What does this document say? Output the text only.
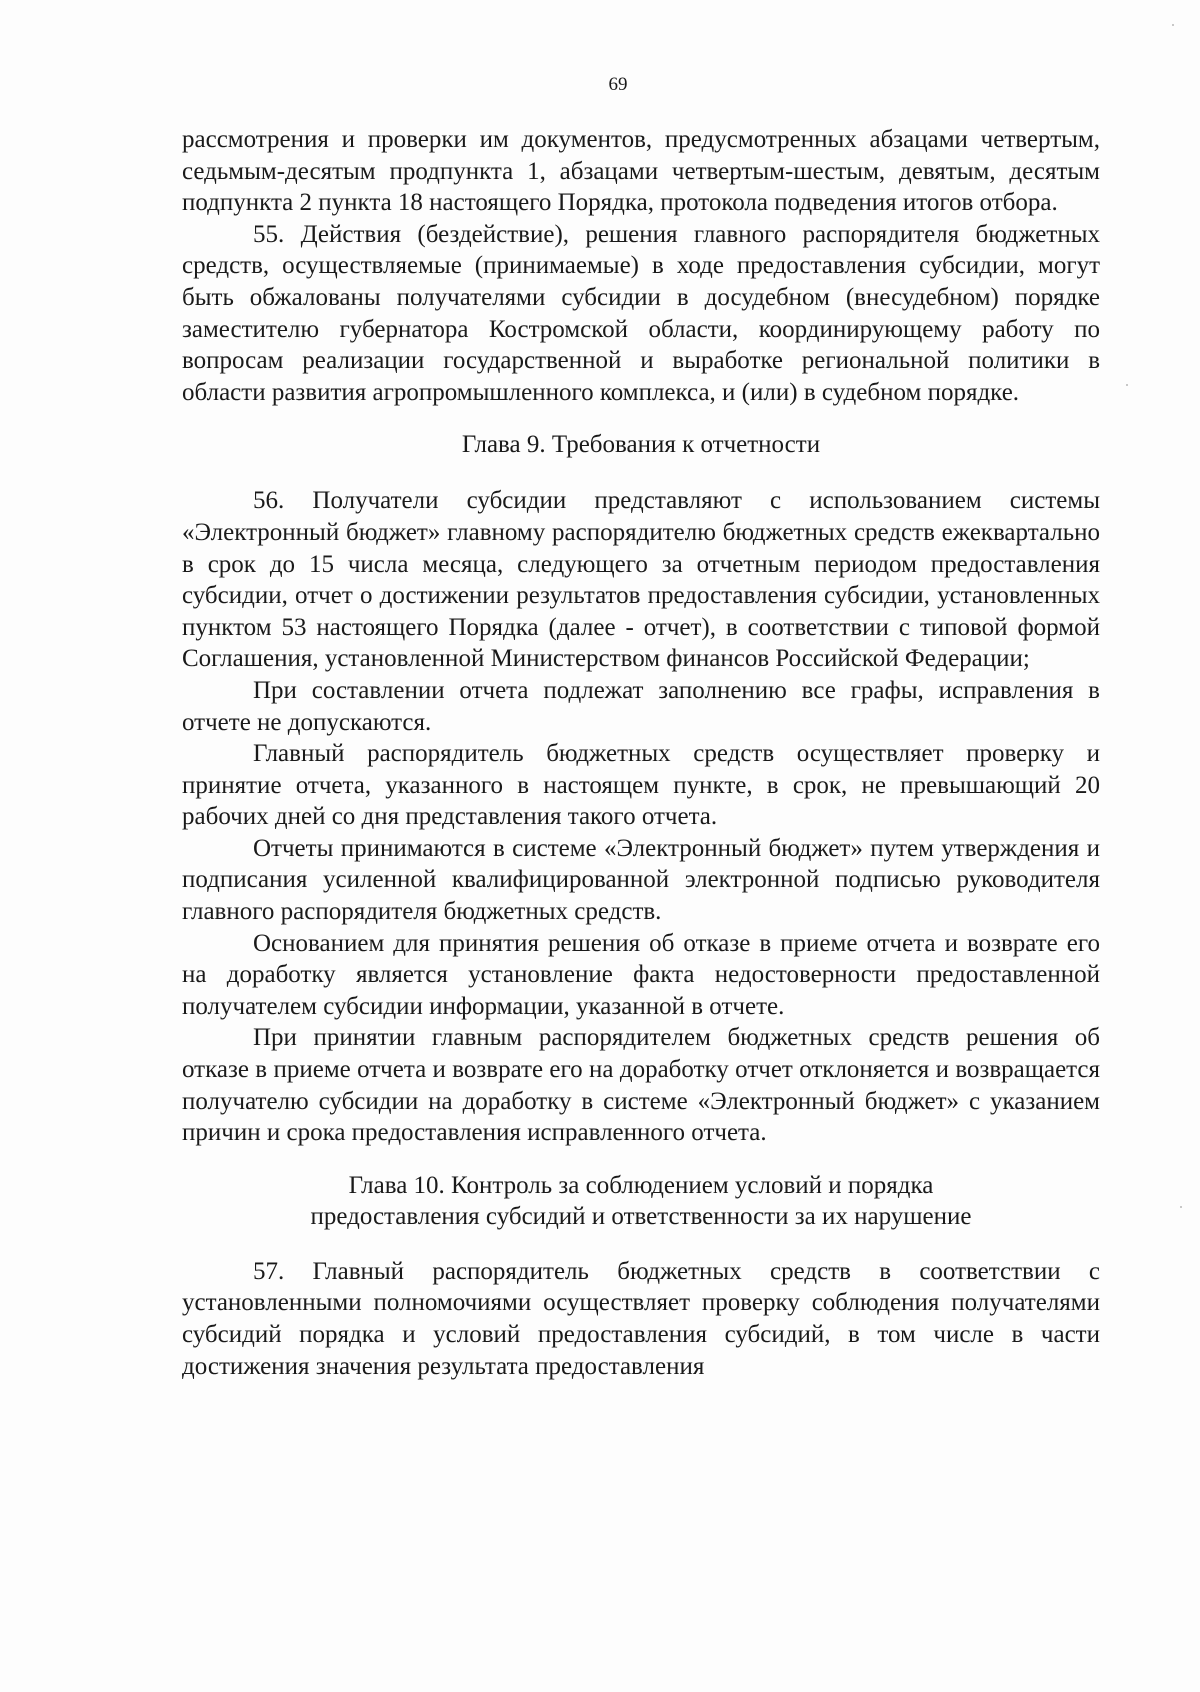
69

рассмотрения и проверки им документов, предусмотренных абзацами четвертым, седьмым-десятым продпункта 1, абзацами четвертым-шестым, девятым, десятым подпункта 2 пункта 18 настоящего Порядка, протокола подведения итогов отбора.

55. Действия (бездействие), решения главного распорядителя бюджетных средств, осуществляемые (принимаемые) в ходе предоставления субсидии, могут быть обжалованы получателями субсидии в досудебном (внесудебном) порядке заместителю губернатора Костромской области, координирующему работу по вопросам реализации государственной и выработке региональной политики в области развития агропромышленного комплекса, и (или) в судебном порядке.

Глава 9. Требования к отчетности

56. Получатели субсидии представляют с использованием системы «Электронный бюджет» главному распорядителю бюджетных средств ежеквартально в срок до 15 числа месяца, следующего за отчетным периодом предоставления субсидии, отчет о достижении результатов предоставления субсидии, установленных пунктом 53 настоящего Порядка (далее - отчет), в соответствии с типовой формой Соглашения, установленной Министерством финансов Российской Федерации;

При составлении отчета подлежат заполнению все графы, исправления в отчете не допускаются.

Главный распорядитель бюджетных средств осуществляет проверку и принятие отчета, указанного в настоящем пункте, в срок, не превышающий 20 рабочих дней со дня представления такого отчета.

Отчеты принимаются в системе «Электронный бюджет» путем утверждения и подписания усиленной квалифицированной электронной подписью руководителя главного распорядителя бюджетных средств.

Основанием для принятия решения об отказе в приеме отчета и возврате его на доработку является установление факта недостоверности предоставленной получателем субсидии информации, указанной в отчете.

При принятии главным распорядителем бюджетных средств решения об отказе в приеме отчета и возврате его на доработку отчет отклоняется и возвращается получателю субсидии на доработку в системе «Электронный бюджет» с указанием причин и срока предоставления исправленного отчета.

Глава 10. Контроль за соблюдением условий и порядка
предоставления субсидий и ответственности за их нарушение

57. Главный распорядитель бюджетных средств в соответствии с установленными полномочиями осуществляет проверку соблюдения получателями субсидий порядка и условий предоставления субсидий, в том числе в части достижения значения результата предоставления
